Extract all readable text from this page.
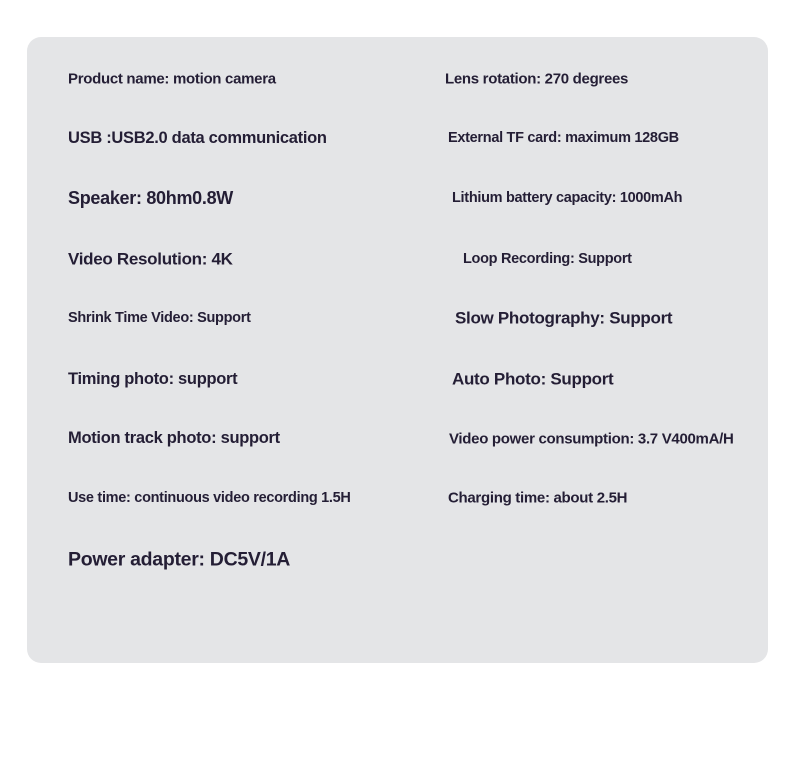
Product name: motion camera	Lens rotation: 270 degrees
USB :USB2.0 data communication	External TF card: maximum 128GB
Speaker: 80hm0.8W	Lithium battery capacity: 1000mAh
Video Resolution: 4K	Loop Recording: Support
Shrink Time Video: Support	Slow Photography: Support
Timing photo: support	Auto Photo: Support
Motion track photo: support	Video power consumption: 3.7 V400mA/H
Use time: continuous video recording 1.5H	Charging time: about 2.5H
Power adapter: DC5V/1A
